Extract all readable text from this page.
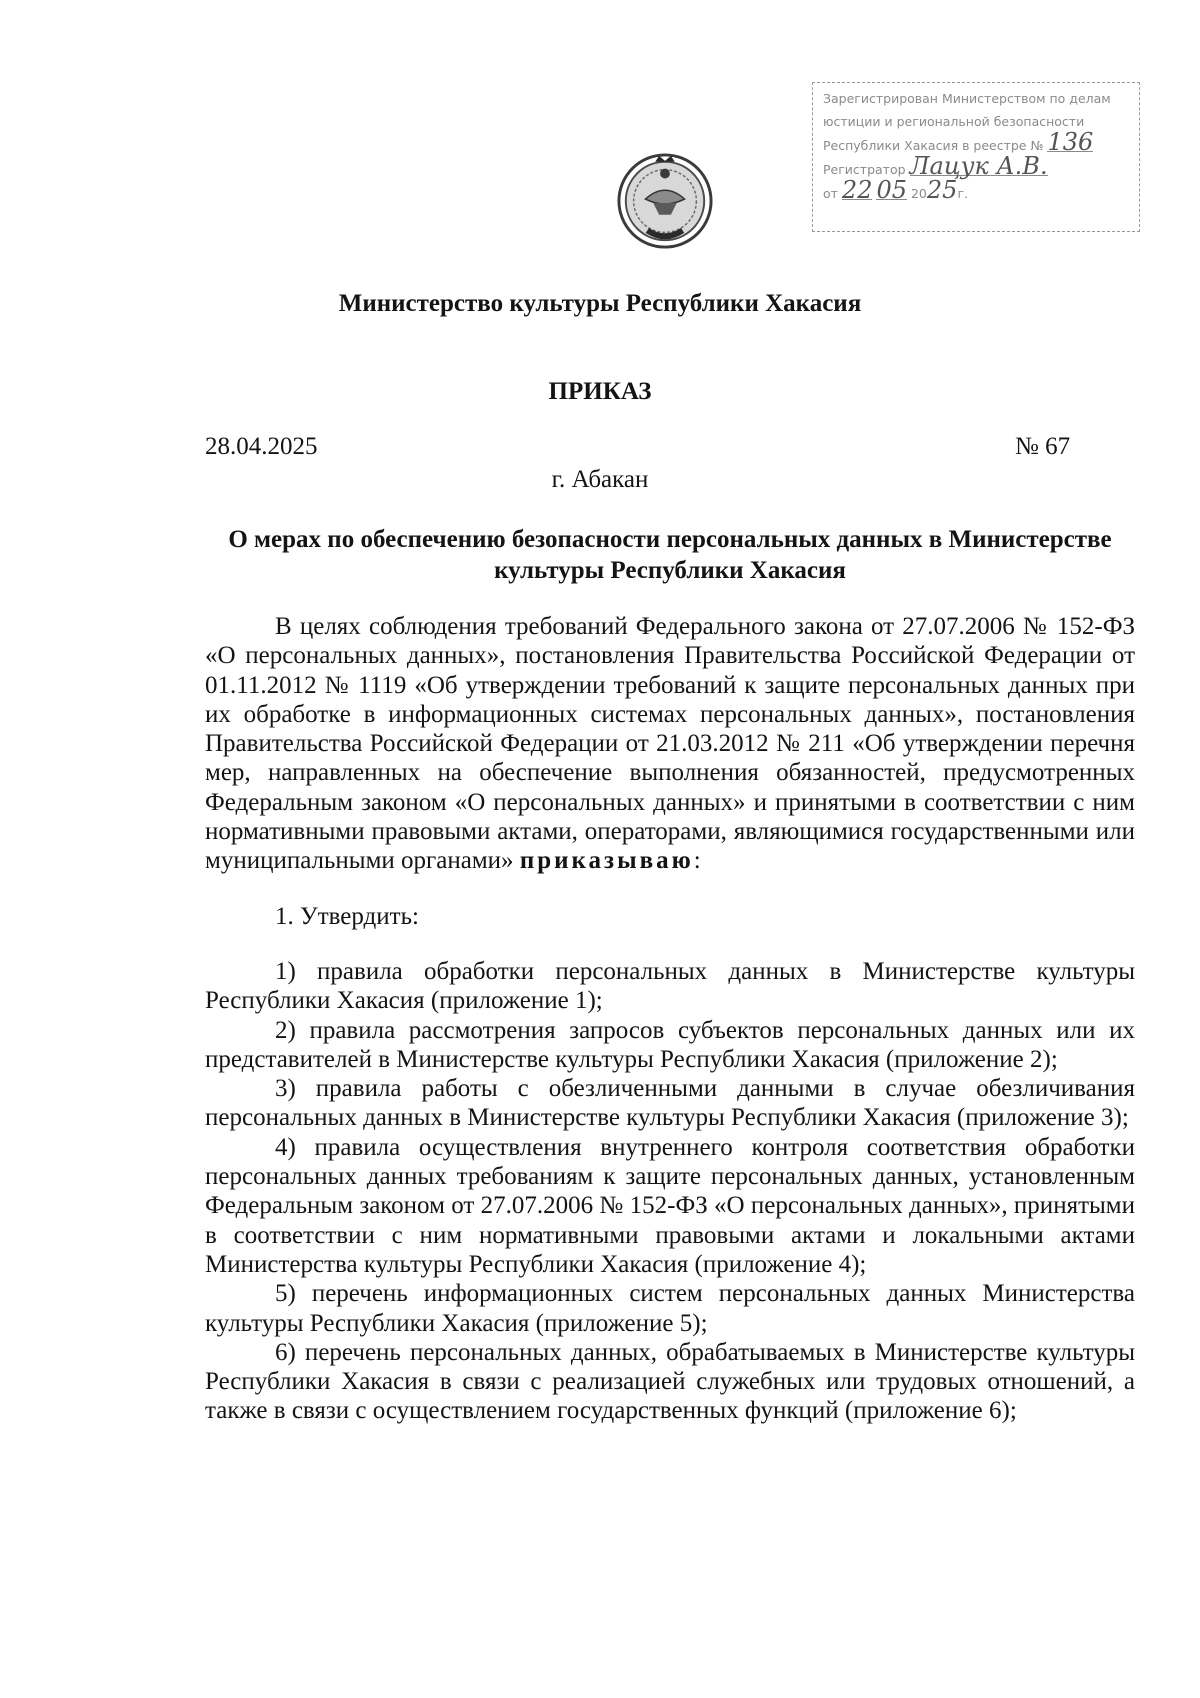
Зарегистрирован Министерством по делам
юстиции и региональной безопасности
Республики Хакасия в реестре № 136
Регистратор Лацук А.В.
от 22 05 2025г.
Министерство культуры Республики Хакасия
ПРИКАЗ
28.04.2025	№ 67
г. Абакан
О мерах по обеспечению безопасности персональных данных в Министерстве культуры Республики Хакасия

В целях соблюдения требований Федерального закона от 27.07.2006 № 152-ФЗ «О персональных данных», постановления Правительства Российской Федерации от 01.11.2012 № 1119 «Об утверждении требований к защите персональных данных при их обработке в информационных системах персональных данных», постановления Правительства Российской Федерации от 21.03.2012 № 211 «Об утверждении перечня мер, направленных на обеспечение выполнения обязанностей, предусмотренных Федеральным законом «О персональных данных» и принятыми в соответствии с ним нормативными правовыми актами, операторами, являющимися государственными или муниципальными органами» приказываю:

1. Утвердить:

1) правила обработки персональных данных в Министерстве культуры Республики Хакасия (приложение 1);

2) правила рассмотрения запросов субъектов персональных данных или их представителей в Министерстве культуры Республики Хакасия (приложение 2);

3) правила работы с обезличенными данными в случае обезличивания персональных данных в Министерстве культуры Республики Хакасия (приложение 3);

4) правила осуществления внутреннего контроля соответствия обработки персональных данных требованиям к защите персональных данных, установленным Федеральным законом от 27.07.2006 № 152-ФЗ «О персональных данных», принятыми в соответствии с ним нормативными правовыми актами и локальными актами Министерства культуры Республики Хакасия (приложение 4);

5) перечень информационных систем персональных данных Министерства культуры Республики Хакасия (приложение 5);

6) перечень персональных данных, обрабатываемых в Министерстве культуры Республики Хакасия в связи с реализацией служебных или трудовых отношений, а также в связи с осуществлением государственных функций (приложение 6);
